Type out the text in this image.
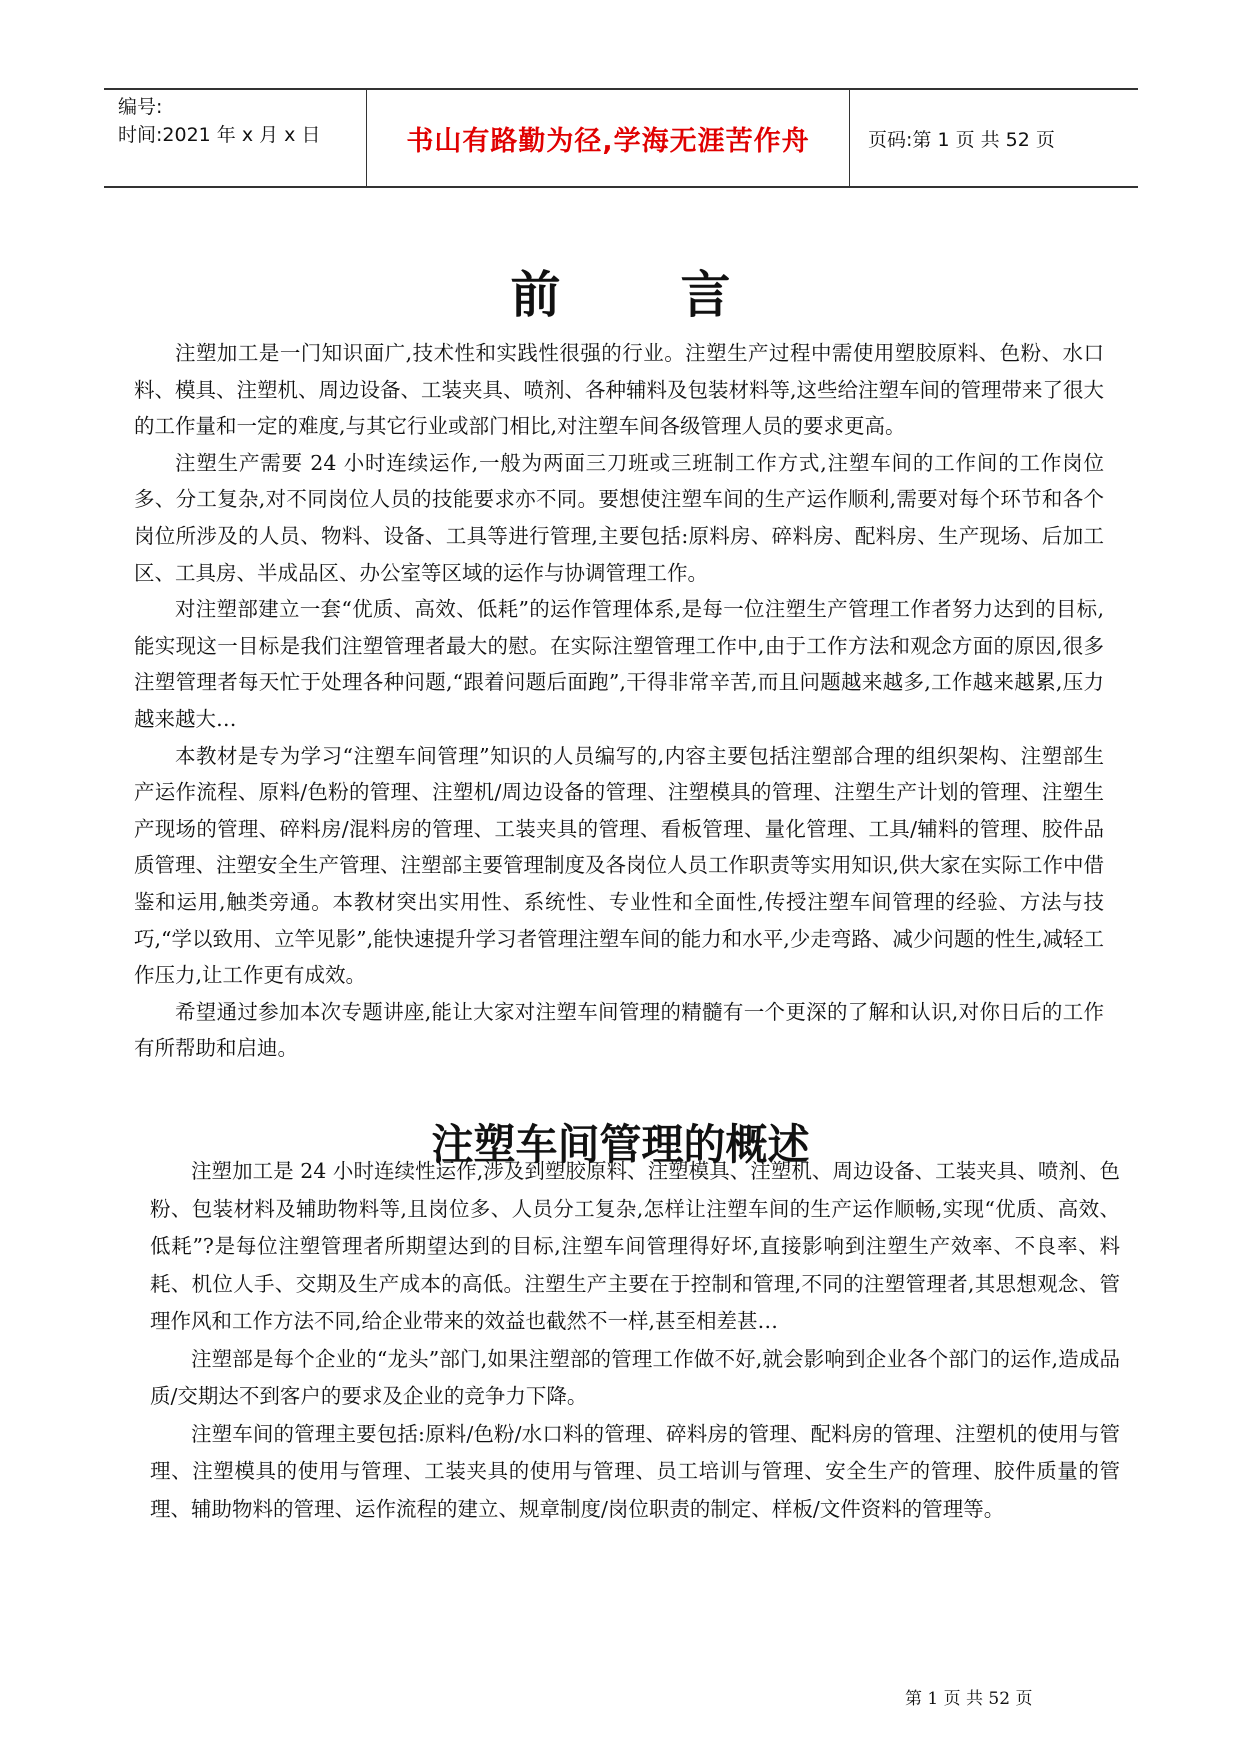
编号:
时间:2021 年 x 月 x 日	书山有路勤为径,学海无涯苦作舟	页码:第 1 页 共 52 页
前言

注塑加工是一门知识面广,技术性和实践性很强的行业。注塑生产过程中需使用塑胶原料、色粉、水口料、模具、注塑机、周边设备、工装夹具、喷剂、各种辅料及包装材料等,这些给注塑车间的管理带来了很大的工作量和一定的难度,与其它行业或部门相比,对注塑车间各级管理人员的要求更高。

注塑生产需要 24 小时连续运作,一般为两面三刀班或三班制工作方式,注塑车间的工作间的工作岗位多、分工复杂,对不同岗位人员的技能要求亦不同。要想使注塑车间的生产运作顺利,需要对每个环节和各个岗位所涉及的人员、物料、设备、工具等进行管理,主要包括:原料房、碎料房、配料房、生产现场、后加工区、工具房、半成品区、办公室等区域的运作与协调管理工作。

对注塑部建立一套“优质、高效、低耗”的运作管理体系,是每一位注塑生产管理工作者努力达到的目标,能实现这一目标是我们注塑管理者最大的慰。在实际注塑管理工作中,由于工作方法和观念方面的原因,很多注塑管理者每天忙于处理各种问题,“跟着问题后面跑”,干得非常辛苦,而且问题越来越多,工作越来越累,压力越来越大…

本教材是专为学习“注塑车间管理”知识的人员编写的,内容主要包括注塑部合理的组织架构、注塑部生产运作流程、原料/色粉的管理、注塑机/周边设备的管理、注塑模具的管理、注塑生产计划的管理、注塑生产现场的管理、碎料房/混料房的管理、工装夹具的管理、看板管理、量化管理、工具/辅料的管理、胶件品质管理、注塑安全生产管理、注塑部主要管理制度及各岗位人员工作职责等实用知识,供大家在实际工作中借鉴和运用,触类旁通。本教材突出实用性、系统性、专业性和全面性,传授注塑车间管理的经验、方法与技巧,“学以致用、立竿见影”,能快速提升学习者管理注塑车间的能力和水平,少走弯路、减少问题的性生,减轻工作压力,让工作更有成效。

希望通过参加本次专题讲座,能让大家对注塑车间管理的精髓有一个更深的了解和认识,对你日后的工作有所帮助和启迪。

注塑车间管理的概述

注塑加工是 24 小时连续性运作,涉及到塑胶原料、注塑模具、注塑机、周边设备、工装夹具、喷剂、色粉、包装材料及辅助物料等,且岗位多、人员分工复杂,怎样让注塑车间的生产运作顺畅,实现“优质、高效、低耗”?是每位注塑管理者所期望达到的目标,注塑车间管理得好坏,直接影响到注塑生产效率、不良率、料耗、机位人手、交期及生产成本的高低。注塑生产主要在于控制和管理,不同的注塑管理者,其思想观念、管理作风和工作方法不同,给企业带来的效益也截然不一样,甚至相差甚…

注塑部是每个企业的“龙头”部门,如果注塑部的管理工作做不好,就会影响到企业各个部门的运作,造成品质/交期达不到客户的要求及企业的竞争力下降。

注塑车间的管理主要包括:原料/色粉/水口料的管理、碎料房的管理、配料房的管理、注塑机的使用与管理、注塑模具的使用与管理、工装夹具的使用与管理、员工培训与管理、安全生产的管理、胶件质量的管理、辅助物料的管理、运作流程的建立、规章制度/岗位职责的制定、样板/文件资料的管理等。

第 1 页 共 52 页
